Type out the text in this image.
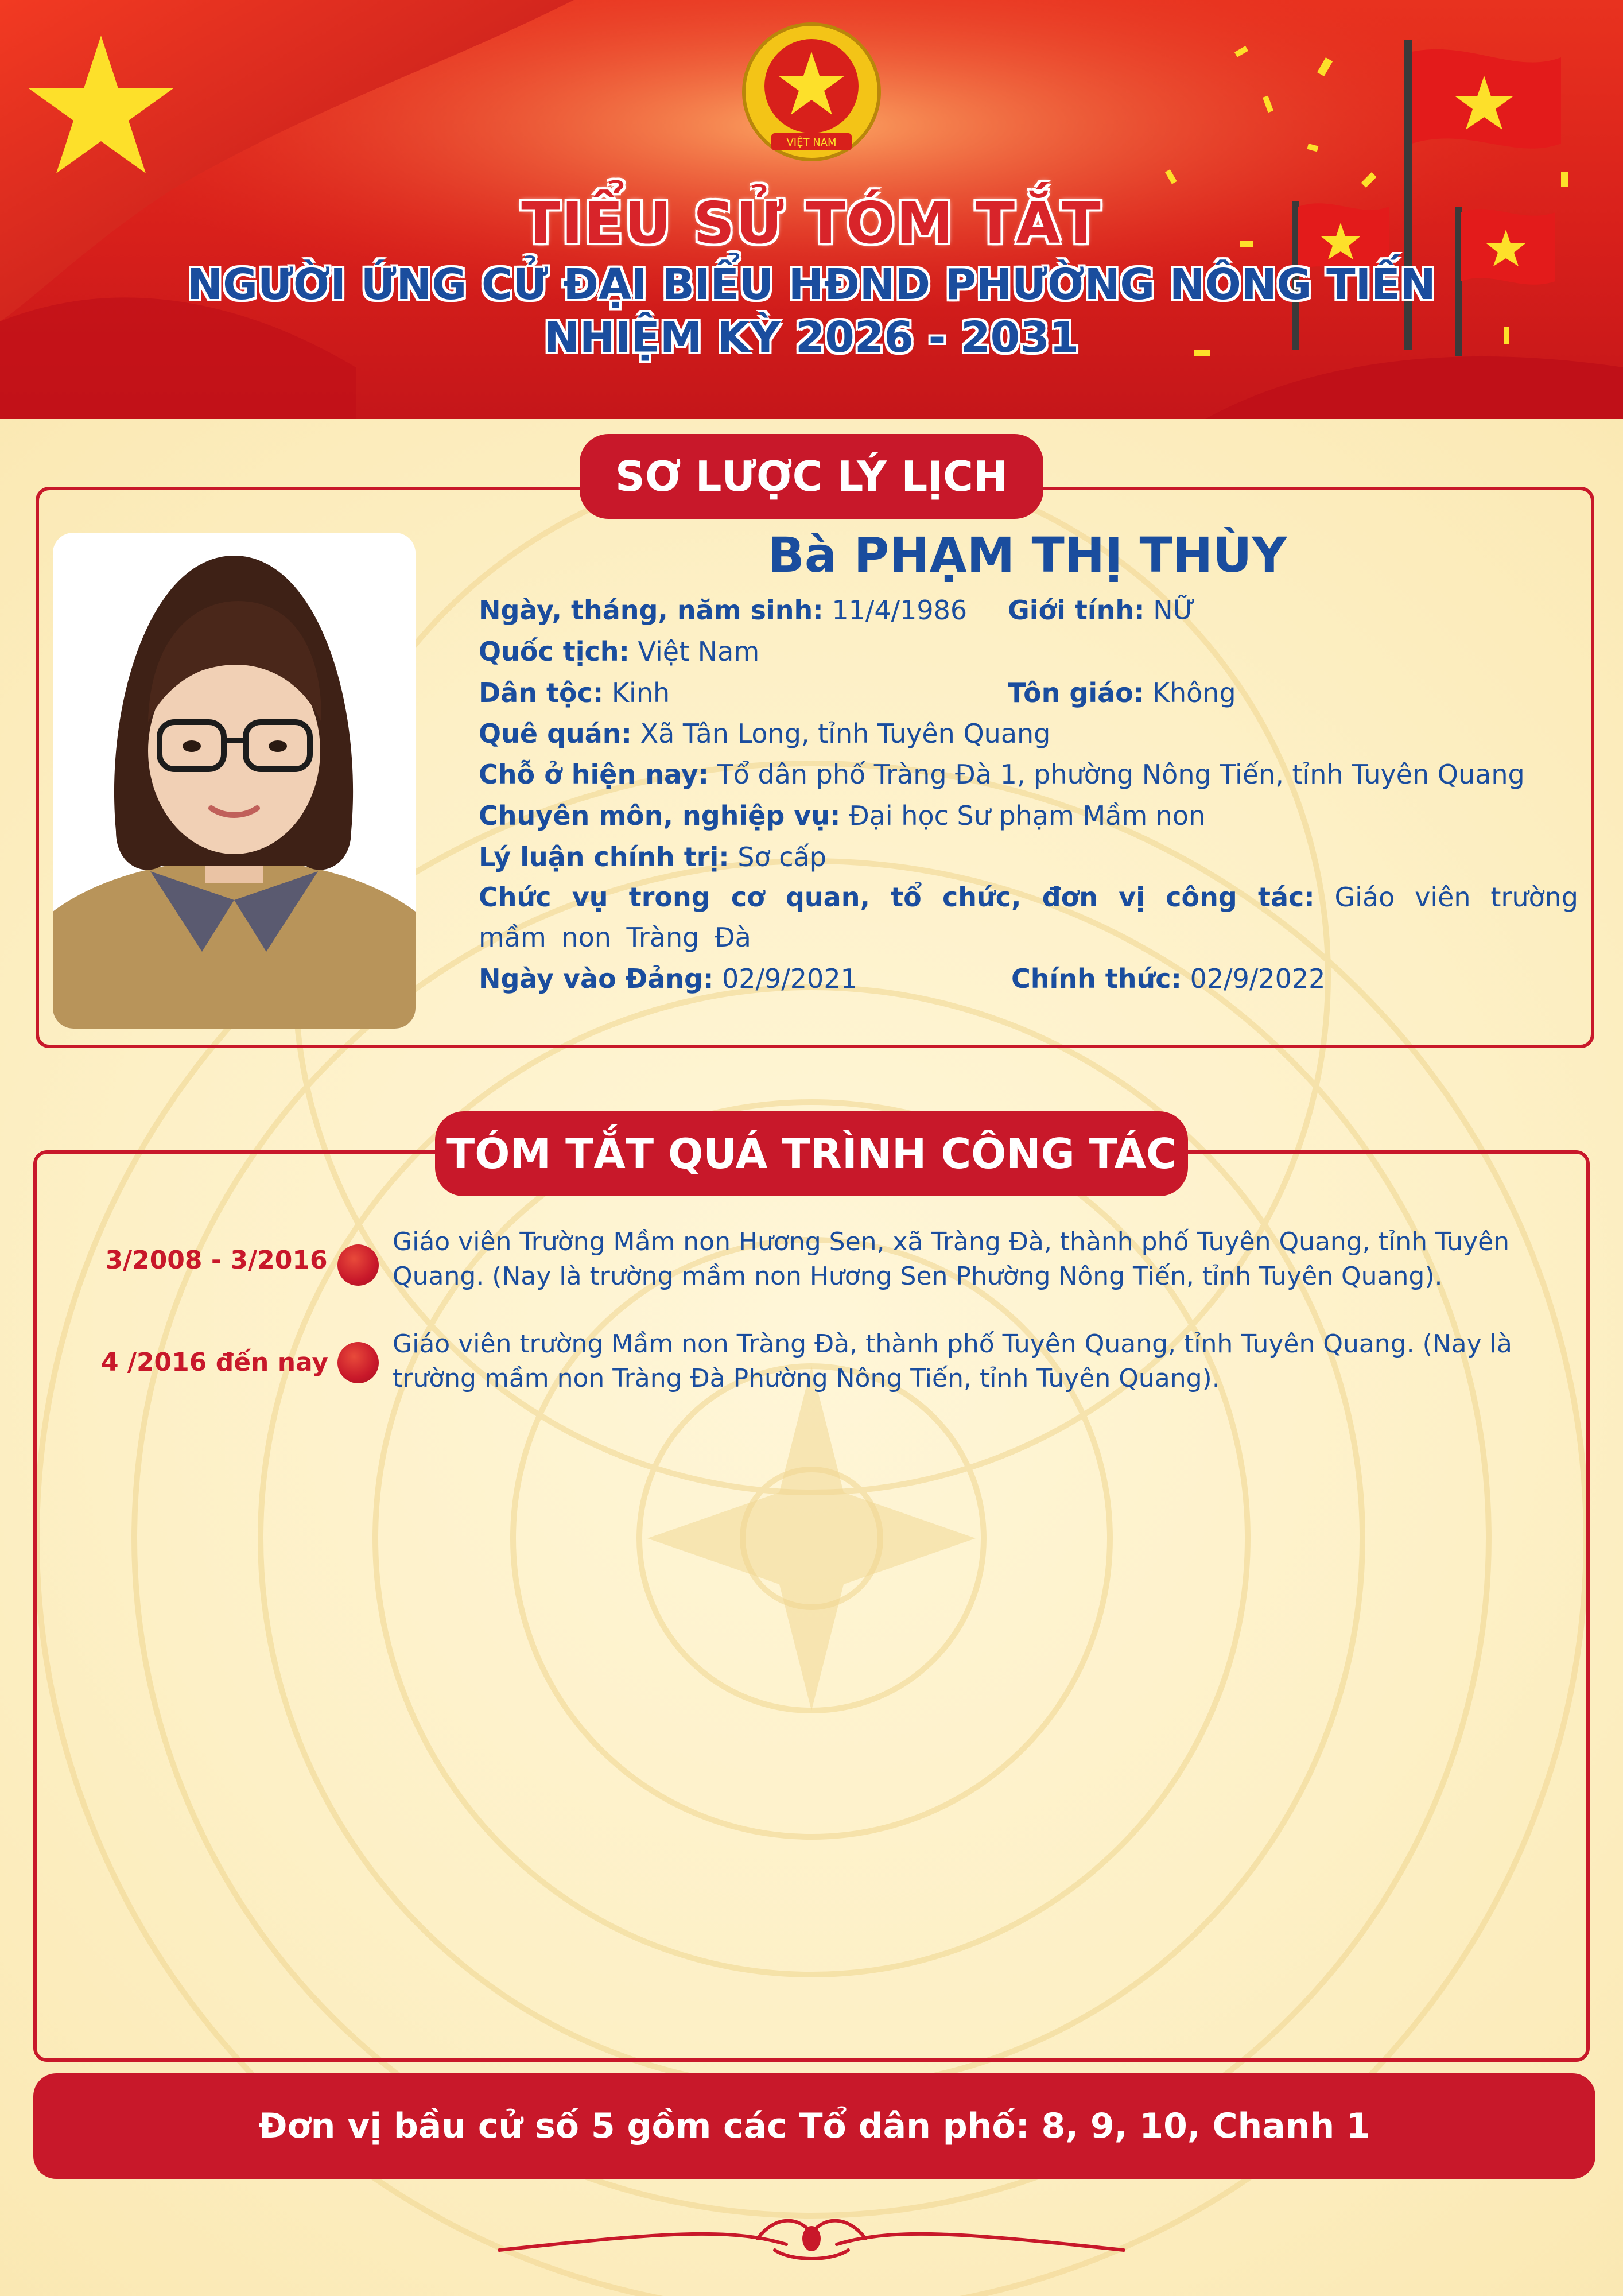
VIỆT NAM
TIỂU SỬ TÓM TẮT
NGƯỜI ỨNG CỬ ĐẠI BIỂU HĐND PHƯỜNG NÔNG TIẾN
NHIỆM KỲ 2026 - 2031
SƠ LƯỢC LÝ LỊCH
Bà PHẠM THỊ THÙY
Ngày, tháng, năm sinh: 11/4/1986 Giới tính: NỮ
Quốc tịch: Việt Nam
Dân tộc: Kinh	Tôn giáo: Không
Quê quán: Xã Tân Long, tỉnh Tuyên Quang
Chỗ ở hiện nay: Tổ dân phố Tràng Đà 1, phường Nông Tiến, tỉnh Tuyên Quang
Chuyên môn, nghiệp vụ: Đại học Sư phạm Mầm non
Lý luận chính trị: Sơ cấp
Chức vụ trong cơ quan, tổ chức, đơn vị công tác: Giáo viên trường mầm non Tràng Đà
Ngày vào Đảng: 02/9/2021	Chính thức: 02/9/2022
TÓM TẮT QUÁ TRÌNH CÔNG TÁC
3/2008 - 3/2016
Giáo viên Trường Mầm non Hương Sen, xã Tràng Đà, thành phố Tuyên Quang, tỉnh Tuyên Quang. (Nay là trường mầm non Hương Sen Phường Nông Tiến, tỉnh Tuyên Quang).
4 /2016 đến nay
Giáo viên trường Mầm non Tràng Đà, thành phố Tuyên Quang, tỉnh Tuyên Quang. (Nay là trường mầm non Tràng Đà Phường Nông Tiến, tỉnh Tuyên Quang).
Đơn vị bầu cử số 5 gồm các Tổ dân phố: 8, 9, 10, Chanh 1
